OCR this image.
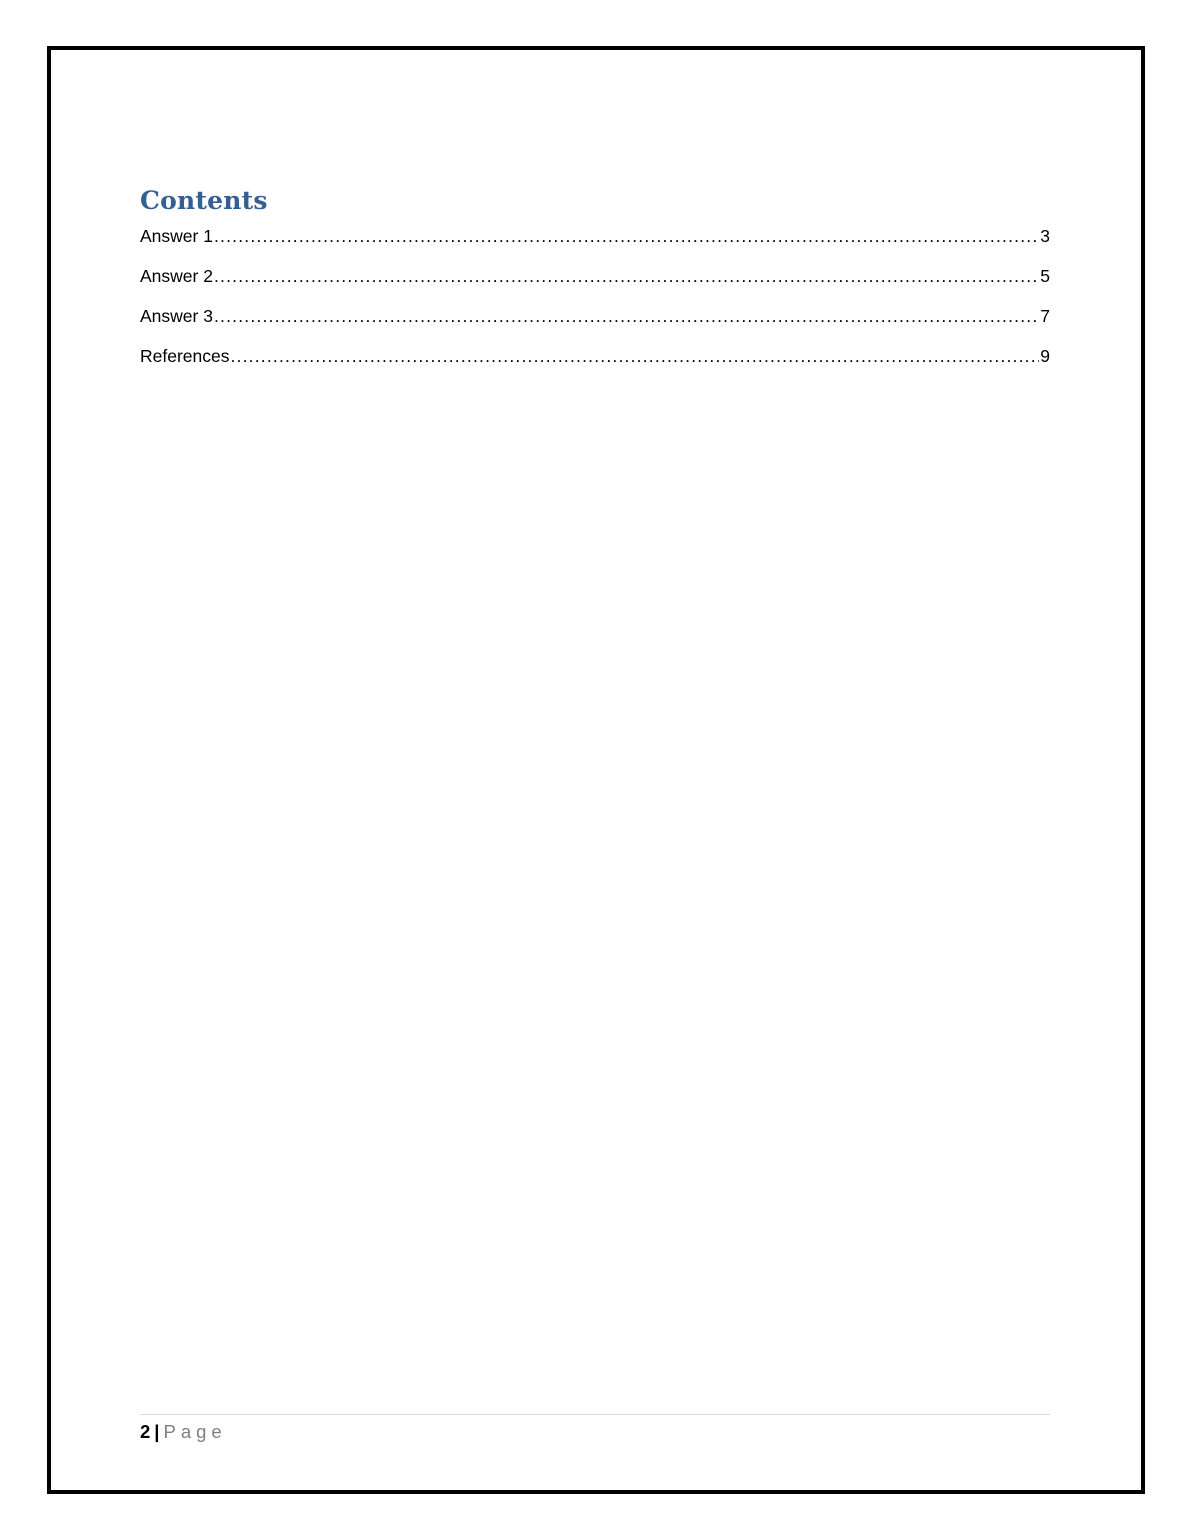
Contents
Answer 1 .....	3
Answer 2 .....	5
Answer 3 .....	7
References .....	9
2 | Page
